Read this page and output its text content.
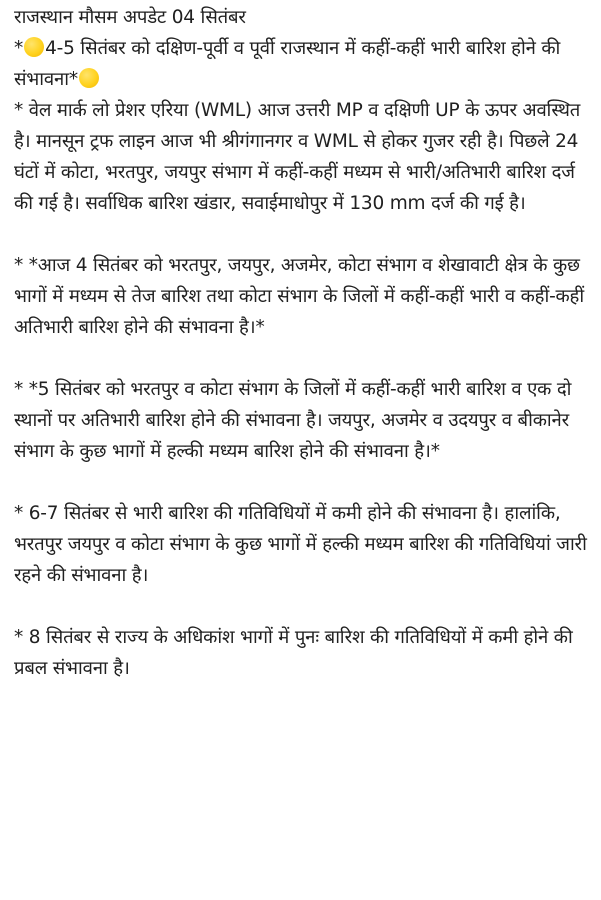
राजस्थान मौसम अपडेट 04 सितंबर

* 4-5 सितंबर को दक्षिण-पूर्वी व पूर्वी राजस्थान में कहीं-कहीं भारी बारिश होने की संभावना*

* वेल मार्क लो प्रेशर एरिया (WML) आज उत्तरी MP व दक्षिणी UP के ऊपर अवस्थित है। मानसून ट्रफ लाइन आज भी श्रीगंगानगर व WML से होकर गुजर रही है। पिछले 24 घंटों में कोटा, भरतपुर, जयपुर संभाग में कहीं-कहीं मध्यम से भारी/अतिभारी बारिश दर्ज की गई है। सर्वाधिक बारिश खंडार, सवाईमाधोपुर में 130 mm दर्ज की गई है।

* *आज 4 सितंबर को भरतपुर, जयपुर, अजमेर, कोटा संभाग व शेखावाटी क्षेत्र के कुछ भागों में मध्यम से तेज बारिश तथा कोटा संभाग के जिलों में कहीं-कहीं भारी व कहीं-कहीं अतिभारी बारिश होने की संभावना है।*

* *5 सितंबर को भरतपुर व कोटा संभाग के जिलों में कहीं-कहीं भारी बारिश व एक दो स्थानों पर अतिभारी बारिश होने की संभावना है। जयपुर, अजमेर व उदयपुर व बीकानेर संभाग के कुछ भागों में हल्की मध्यम बारिश होने की संभावना है।*

* 6-7 सितंबर से भारी बारिश की गतिविधियों में कमी होने की संभावना है। हालांकि, भरतपुर जयपुर व कोटा संभाग के कुछ भागों में हल्की मध्यम बारिश की गतिविधियां जारी रहने की संभावना है।

* 8 सितंबर से राज्य के अधिकांश भागों में पुनः बारिश की गतिविधियों में कमी होने की प्रबल संभावना है।
